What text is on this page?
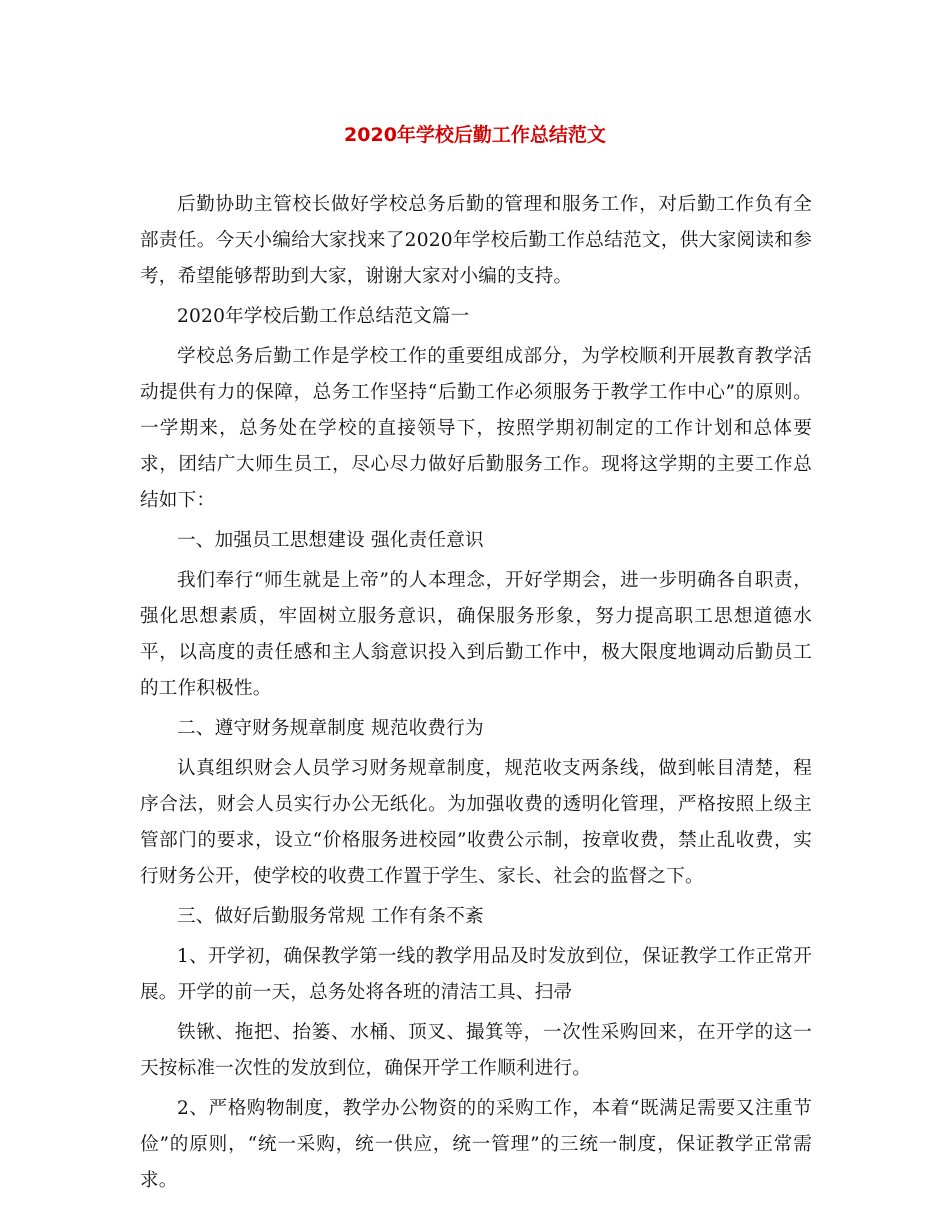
2020年学校后勤工作总结范文

后勤协助主管校长做好学校总务后勤的管理和服务工作，对后勤工作负有全部责任。今天小编给大家找来了2020年学校后勤工作总结范文，供大家阅读和参考，希望能够帮助到大家，谢谢大家对小编的支持。

2020年学校后勤工作总结范文篇一

学校总务后勤工作是学校工作的重要组成部分，为学校顺利开展教育教学活动提供有力的保障，总务工作坚持“后勤工作必须服务于教学工作中心”的原则。一学期来，总务处在学校的直接领导下，按照学期初制定的工作计划和总体要求，团结广大师生员工，尽心尽力做好后勤服务工作。现将这学期的主要工作总结如下：

一、加强员工思想建设 强化责任意识

我们奉行“师生就是上帝”的人本理念，开好学期会，进一步明确各自职责，强化思想素质，牢固树立服务意识，确保服务形象，努力提高职工思想道德水平，以高度的责任感和主人翁意识投入到后勤工作中，极大限度地调动后勤员工的工作积极性。

二、遵守财务规章制度 规范收费行为

认真组织财会人员学习财务规章制度，规范收支两条线，做到帐目清楚，程序合法，财会人员实行办公无纸化。为加强收费的透明化管理，严格按照上级主管部门的要求，设立“价格服务进校园”收费公示制，按章收费，禁止乱收费，实行财务公开，使学校的收费工作置于学生、家长、社会的监督之下。

三、做好后勤服务常规 工作有条不紊

1、开学初，确保教学第一线的教学用品及时发放到位，保证教学工作正常开展。开学的前一天，总务处将各班的清洁工具、扫帚

铁锹、拖把、抬篓、水桶、顶叉、撮箕等，一次性采购回来，在开学的这一天按标准一次性的发放到位，确保开学工作顺利进行。

2、严格购物制度，教学办公物资的的采购工作，本着“既满足需要又注重节俭”的原则，“统一采购，统一供应，统一管理”的三统一制度，保证教学正常需求。
